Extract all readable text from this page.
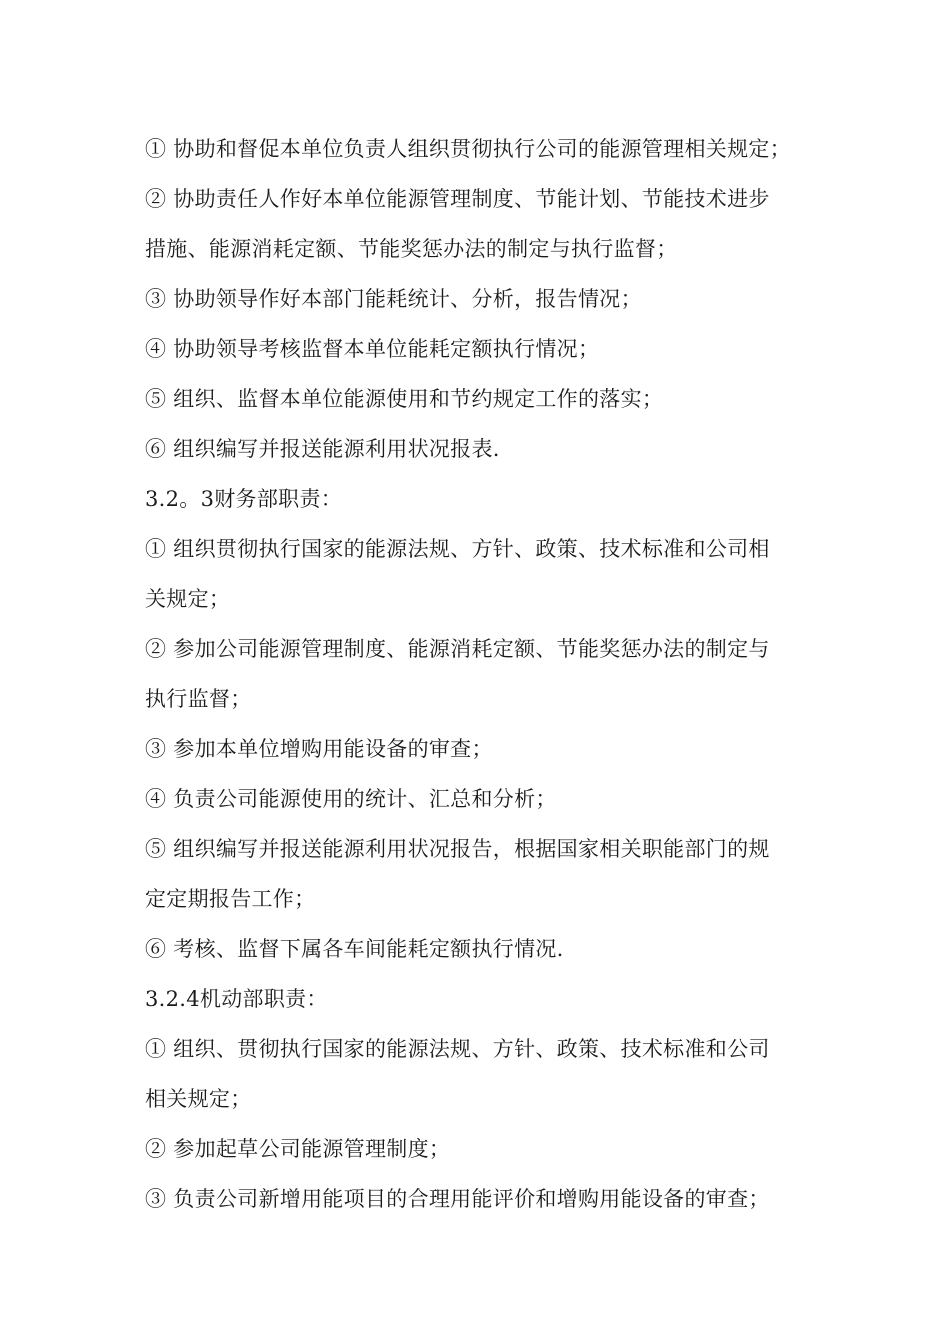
① 协助和督促本单位负责人组织贯彻执行公司的能源管理相关规定；
② 协助责任人作好本单位能源管理制度、节能计划、节能技术进步
措施、能源消耗定额、节能奖惩办法的制定与执行监督；
③ 协助领导作好本部门能耗统计、分析，报告情况；
④ 协助领导考核监督本单位能耗定额执行情况；
⑤ 组织、监督本单位能源使用和节约规定工作的落实；
⑥ 组织编写并报送能源利用状况报表.
3.2。3财务部职责：
① 组织贯彻执行国家的能源法规、方针、政策、技术标准和公司相
关规定；
② 参加公司能源管理制度、能源消耗定额、节能奖惩办法的制定与
执行监督；
③ 参加本单位增购用能设备的审查；
④ 负责公司能源使用的统计、汇总和分析；
⑤ 组织编写并报送能源利用状况报告，根据国家相关职能部门的规
定定期报告工作；
⑥ 考核、监督下属各车间能耗定额执行情况.
3.2.4机动部职责：
① 组织、贯彻执行国家的能源法规、方针、政策、技术标准和公司
相关规定；
② 参加起草公司能源管理制度；
③ 负责公司新增用能项目的合理用能评价和增购用能设备的审查；
